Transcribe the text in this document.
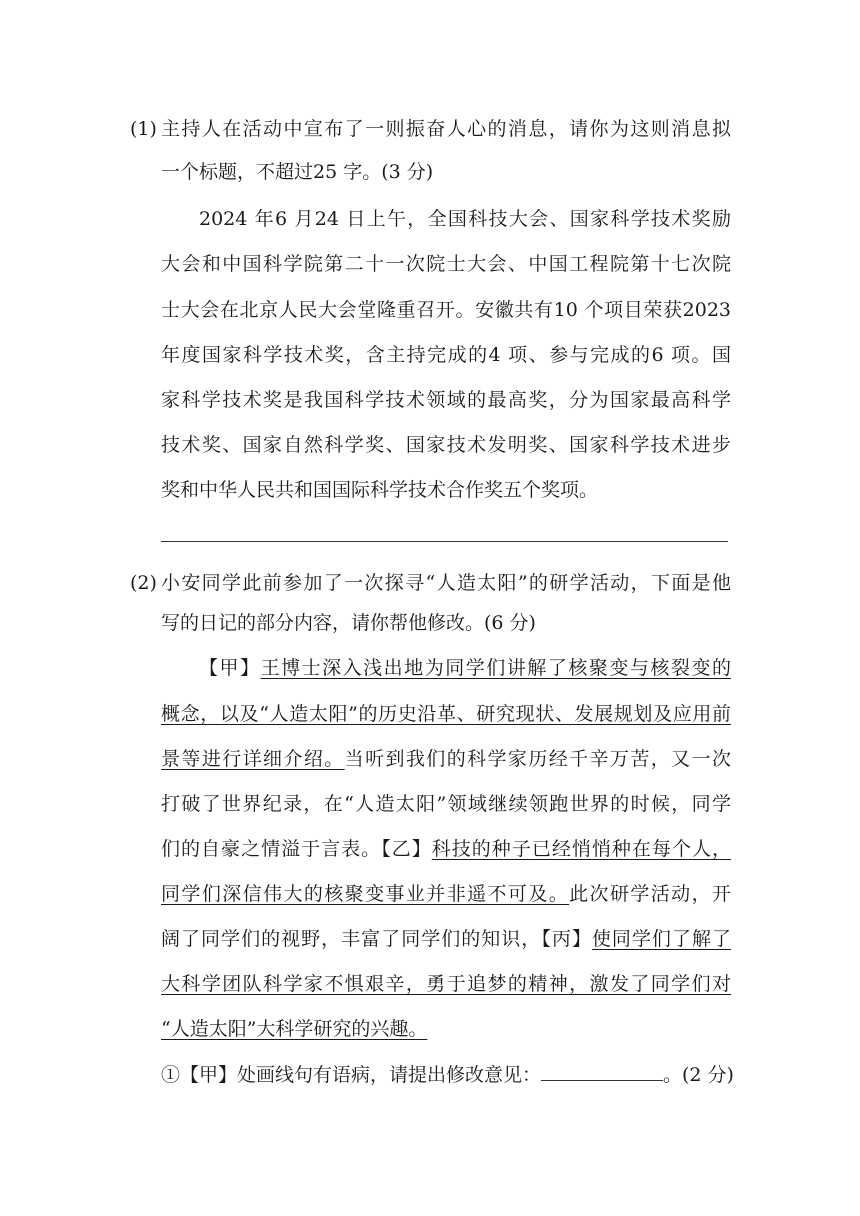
(1) 主持人在活动中宣布了一则振奋人心的消息，请你为这则消息拟
一个标题，不超过25 字。(3 分)
2024 年6 月24 日上午，全国科技大会、国家科学技术奖励
大会和中国科学院第二十一次院士大会、中国工程院第十七次院
士大会在北京人民大会堂隆重召开。安徽共有10 个项目荣获2023
年度国家科学技术奖，含主持完成的4 项、参与完成的6 项。国
家科学技术奖是我国科学技术领域的最高奖，分为国家最高科学
技术奖、国家自然科学奖、国家技术发明奖、国家科学技术进步
奖和中华人民共和国国际科学技术合作奖五个奖项。
(2) 小安同学此前参加了一次探寻“人造太阳”的研学活动，下面是他
写的日记的部分内容，请你帮他修改。(6 分)
【甲】王博士深入浅出地为同学们讲解了核聚变与核裂变的
概念，以及“人造太阳”的历史沿革、研究现状、发展规划及应用前
景等进行详细介绍。当听到我们的科学家历经千辛万苦，又一次
打破了世界纪录，在“人造太阳”领域继续领跑世界的时候，同学
们的自豪之情溢于言表。【乙】科技的种子已经悄悄种在每个人，
同学们深信伟大的核聚变事业并非遥不可及。此次研学活动，开
阔了同学们的视野，丰富了同学们的知识，【丙】使同学们了解了
大科学团队科学家不惧艰辛，勇于追梦的精神，激发了同学们对
“人造太阳”大科学研究的兴趣。
①【甲】处画线句有语病，请提出修改意见：	。(2 分)
